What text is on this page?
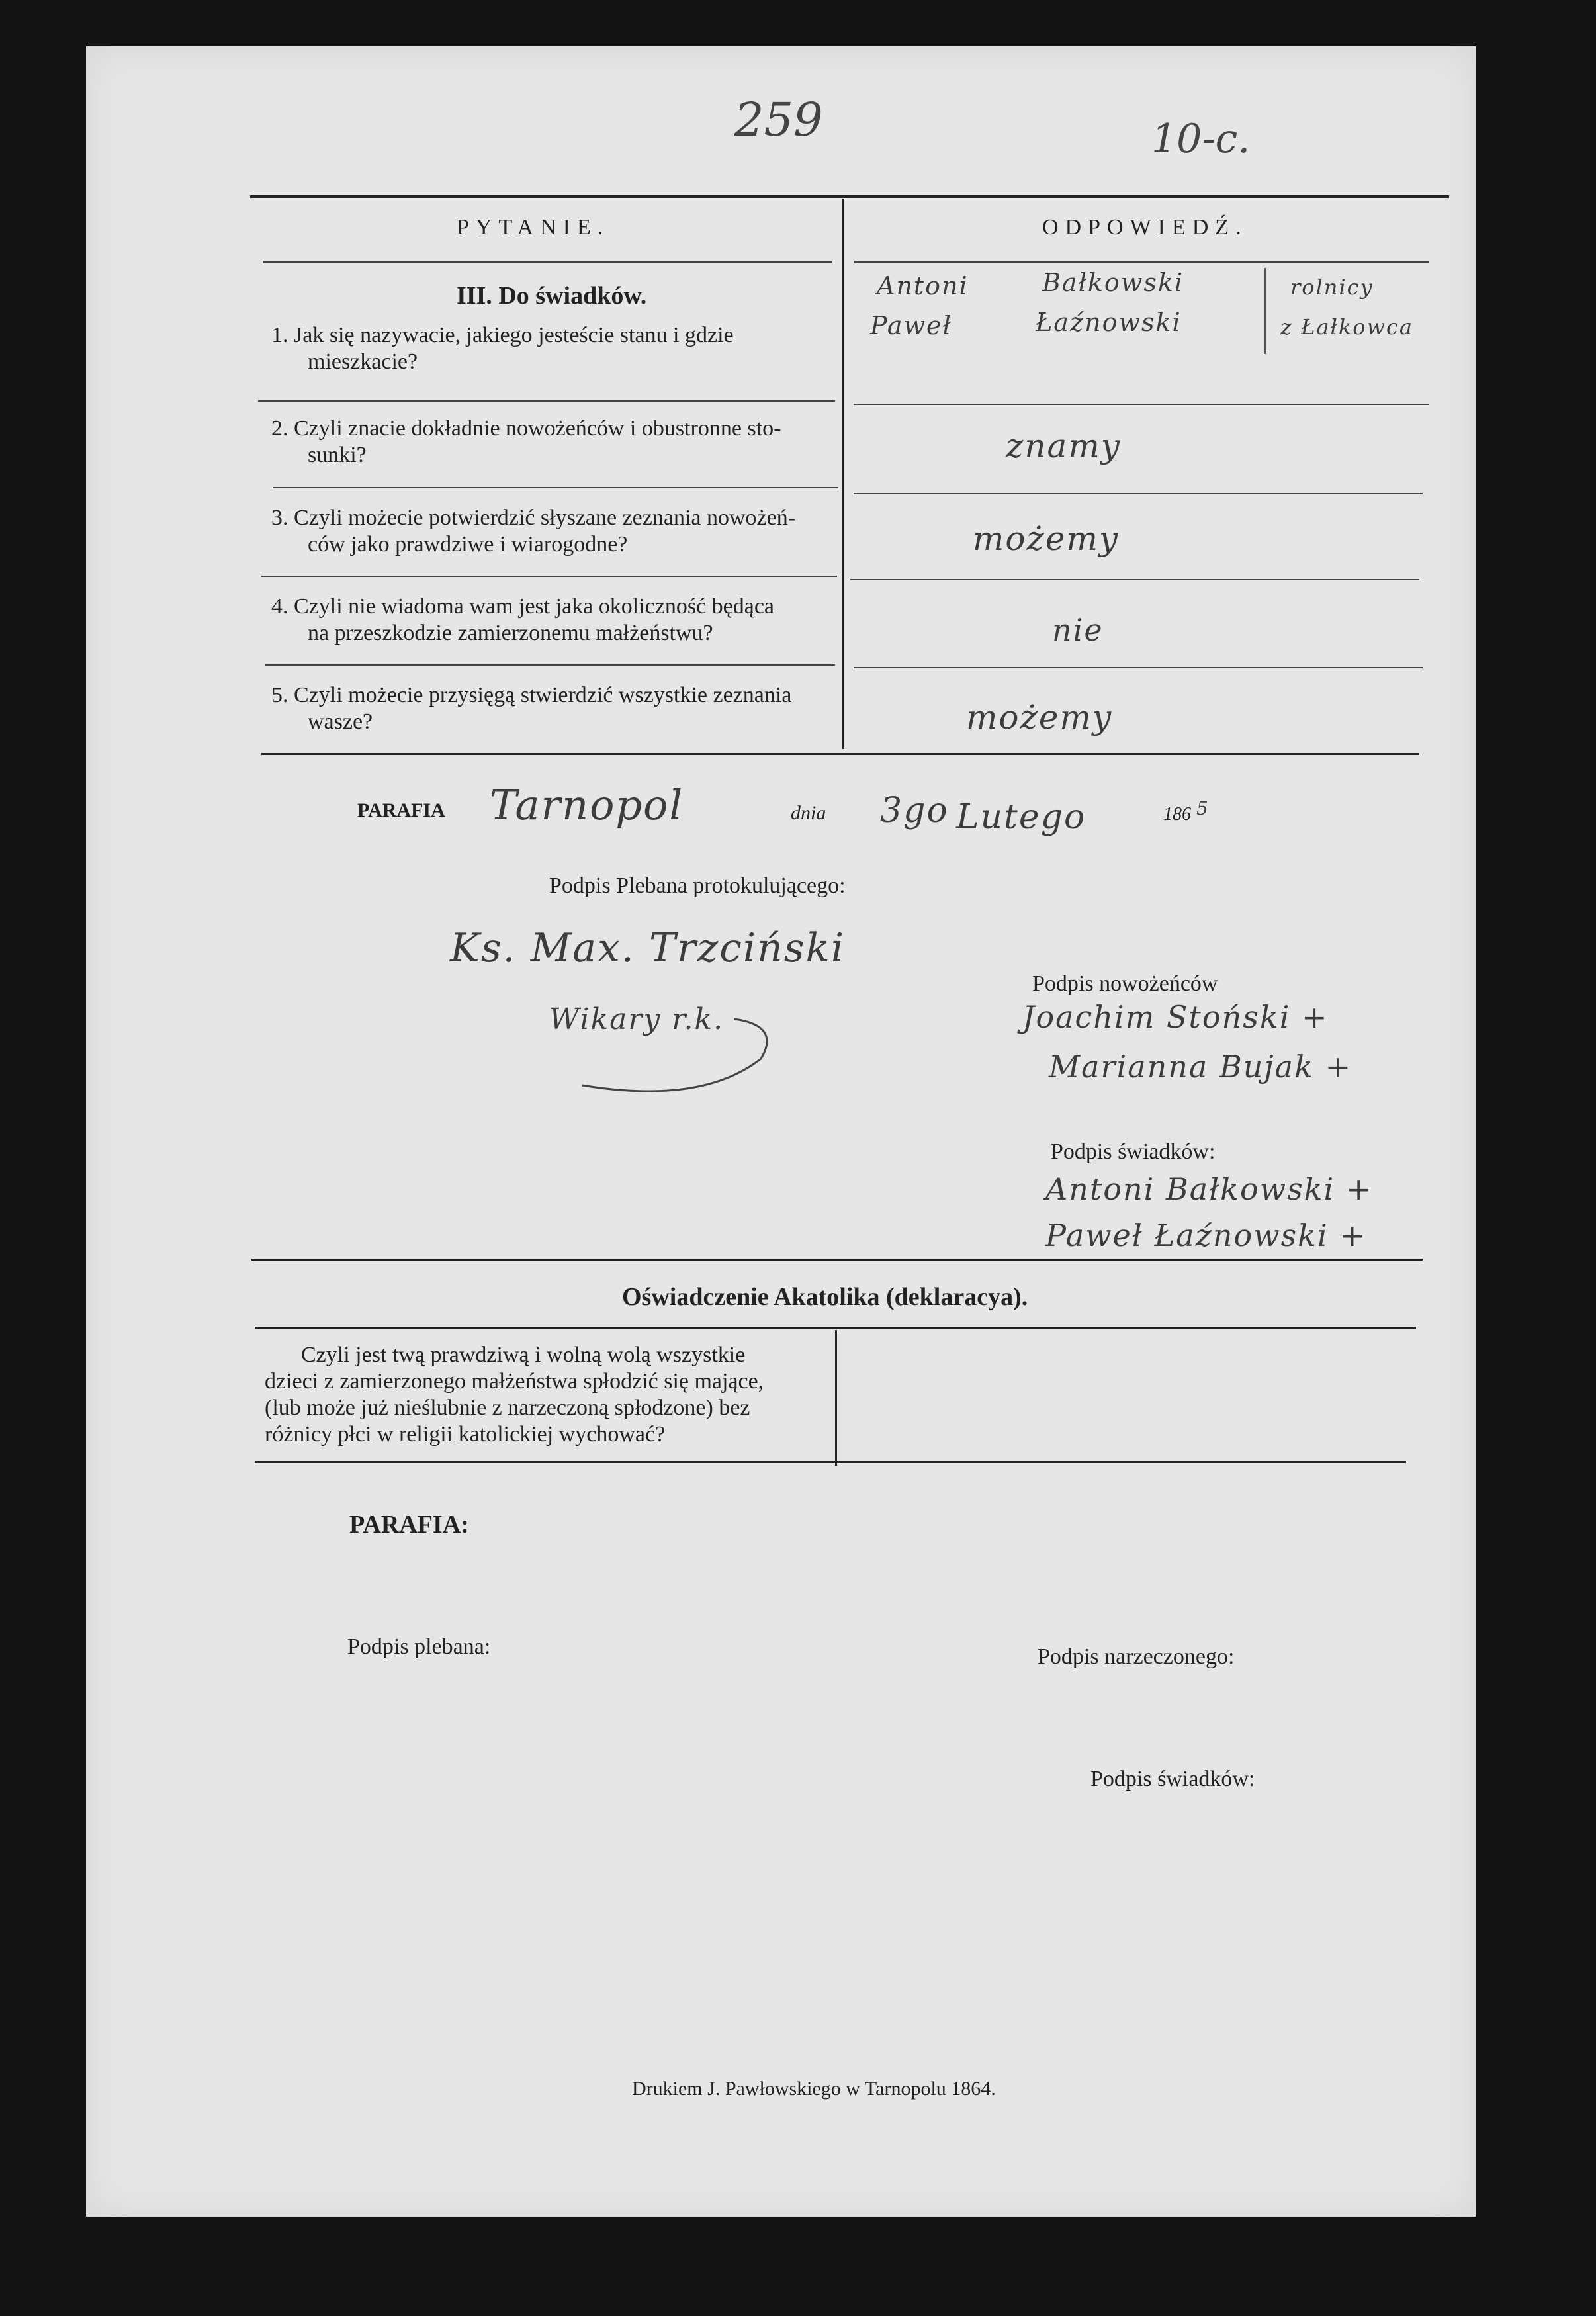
259	10-c.
PYTANIE.	ODPOWIEDŹ.
III. Do świadków.
1. Jak się nazywacie, jakiego jesteście stanu i gdzie
mieszkacie?
Antoni	Bałkowski	rolnicy
Paweł	Łaźnowski	z Łałkowca
2. Czyli znacie dokładnie nowożeńców i obustronne sto-
sunki?	znamy
3. Czyli możecie potwierdzić słyszane zeznania nowożeń-
ców jako prawdziwe i wiarogodne?	możemy
4. Czyli nie wiadoma wam jest jaka okoliczność będąca
na przeszkodzie zamierzonemu małżeństwu?	nie
5. Czyli możecie przysięgą stwierdzić wszystkie zeznania
wasze?	możemy
PARAFIA Tarnopol	dnia 3go Lutego	186 5
Podpis Plebana protokulującego:
Ks. Max. Trzciński
Wikary r.k.
Podpis nowożeńców
Joachim Stoński +
Marianna Bujak +
Podpis świadków:
Antoni Bałkowski +
Paweł Łaźnowski +
Oświadczenie Akatolika (deklaracya).
Czyli jest twą prawdziwą i wolną wolą wszystkie
dzieci z zamierzonego małżeństwa spłodzić się mające,
(lub może już nieślubnie z narzeczoną spłodzone) bez
różnicy płci w religii katolickiej wychować?
PARAFIA:
Podpis plebana:	Podpis narzeczonego:
Podpis świadków:
Drukiem J. Pawłowskiego w Tarnopolu 1864.
